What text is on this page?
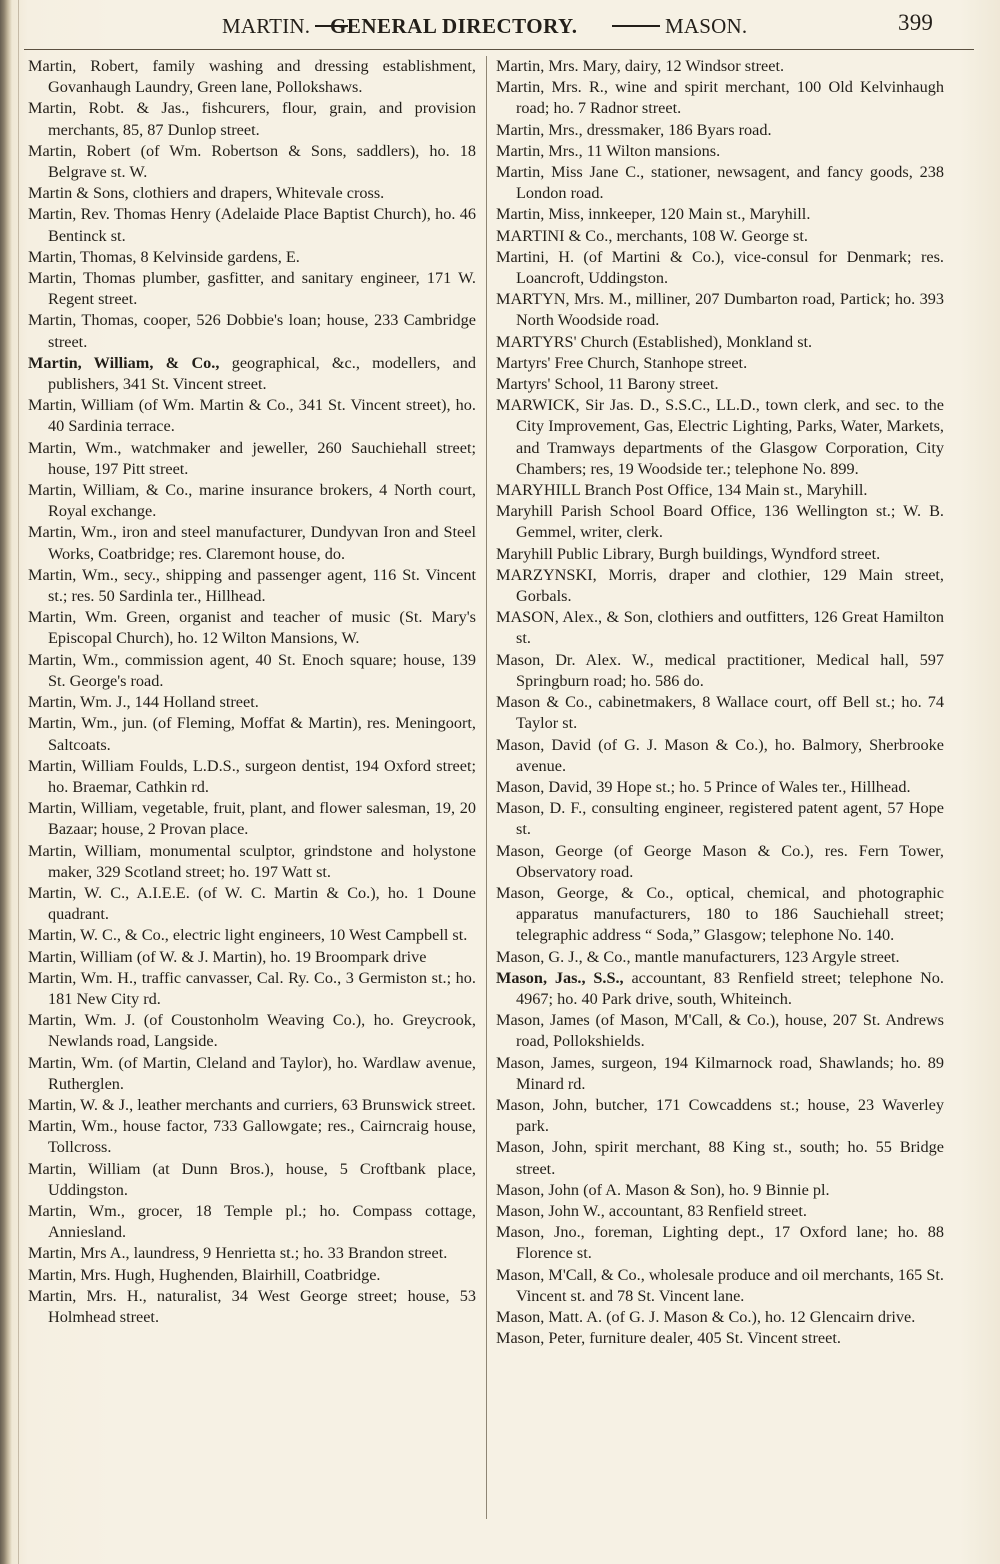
MARTIN. GENERAL DIRECTORY.	MASON.	399

Martin, Robert, family washing and dressing establishment, Govanhaugh Laundry, Green lane, Pollokshaws.

Martin, Robt. & Jas., fishcurers, flour, grain, and provision merchants, 85, 87 Dunlop street.

Martin, Robert (of Wm. Robertson & Sons, saddlers), ho. 18 Belgrave st. W.

Martin & Sons, clothiers and drapers, Whitevale cross.

Martin, Rev. Thomas Henry (Adelaide Place Baptist Church), ho. 46 Bentinck st.

Martin, Thomas, 8 Kelvinside gardens, E.

Martin, Thomas plumber, gasfitter, and sanitary engineer, 171 W. Regent street.

Martin, Thomas, cooper, 526 Dobbie's loan; house, 233 Cambridge street.

Martin, William, & Co., geographical, &c., modellers, and publishers, 341 St. Vincent street.

Martin, William (of Wm. Martin & Co., 341 St. Vincent street), ho. 40 Sardinia terrace.

Martin, Wm., watchmaker and jeweller, 260 Sauchiehall street; house, 197 Pitt street.

Martin, William, & Co., marine insurance brokers, 4 North court, Royal exchange.

Martin, Wm., iron and steel manufacturer, Dundyvan Iron and Steel Works, Coatbridge; res. Claremont house, do.

Martin, Wm., secy., shipping and passenger agent, 116 St. Vincent st.; res. 50 Sardinla ter., Hillhead.

Martin, Wm. Green, organist and teacher of music (St. Mary's Episcopal Church), ho. 12 Wilton Mansions, W.

Martin, Wm., commission agent, 40 St. Enoch square; house, 139 St. George's road.

Martin, Wm. J., 144 Holland street.

Martin, Wm., jun. (of Fleming, Moffat & Martin), res. Meningoort, Saltcoats.

Martin, William Foulds, L.D.S., surgeon dentist, 194 Oxford street; ho. Braemar, Cathkin rd.

Martin, William, vegetable, fruit, plant, and flower salesman, 19, 20 Bazaar; house, 2 Provan place.

Martin, William, monumental sculptor, grindstone and holystone maker, 329 Scotland street; ho. 197 Watt st.

Martin, W. C., A.I.E.E. (of W. C. Martin & Co.), ho. 1 Doune quadrant.

Martin, W. C., & Co., electric light engineers, 10 West Campbell st.

Martin, William (of W. & J. Martin), ho. 19 Broompark drive

Martin, Wm. H., traffic canvasser, Cal. Ry. Co., 3 Germiston st.; ho. 181 New City rd.

Martin, Wm. J. (of Coustonholm Weaving Co.), ho. Greycrook, Newlands road, Langside.

Martin, Wm. (of Martin, Cleland and Taylor), ho. Wardlaw avenue, Rutherglen.

Martin, W. & J., leather merchants and curriers, 63 Brunswick street.

Martin, Wm., house factor, 733 Gallowgate; res., Cairncraig house, Tollcross.

Martin, William (at Dunn Bros.), house, 5 Croftbank place, Uddingston.

Martin, Wm., grocer, 18 Temple pl.; ho. Compass cottage, Anniesland.

Martin, Mrs A., laundress, 9 Henrietta st.; ho. 33 Brandon street.

Martin, Mrs. Hugh, Hughenden, Blairhill, Coatbridge.

Martin, Mrs. H., naturalist, 34 West George street; house, 53 Holmhead street.

Martin, Mrs. Mary, dairy, 12 Windsor street.

Martin, Mrs. R., wine and spirit merchant, 100 Old Kelvinhaugh road; ho. 7 Radnor street.

Martin, Mrs., dressmaker, 186 Byars road.

Martin, Mrs., 11 Wilton mansions.

Martin, Miss Jane C., stationer, newsagent, and fancy goods, 238 London road.

Martin, Miss, innkeeper, 120 Main st., Maryhill.

MARTINI & Co., merchants, 108 W. George st.

Martini, H. (of Martini & Co.), vice-consul for Denmark; res. Loancroft, Uddingston.

MARTYN, Mrs. M., milliner, 207 Dumbarton road, Partick; ho. 393 North Woodside road.

MARTYRS' Church (Established), Monkland st.

Martyrs' Free Church, Stanhope street.

Martyrs' School, 11 Barony street.

MARWICK, Sir Jas. D., S.S.C., LL.D., town clerk, and sec. to the City Improvement, Gas, Electric Lighting, Parks, Water, Markets, and Tramways departments of the Glasgow Corporation, City Chambers; res, 19 Woodside ter.; telephone No. 899.

MARYHILL Branch Post Office, 134 Main st., Maryhill.

Maryhill Parish School Board Office, 136 Wellington st.; W. B. Gemmel, writer, clerk.

Maryhill Public Library, Burgh buildings, Wyndford street.

MARZYNSKI, Morris, draper and clothier, 129 Main street, Gorbals.

MASON, Alex., & Son, clothiers and outfitters, 126 Great Hamilton st.

Mason, Dr. Alex. W., medical practitioner, Medical hall, 597 Springburn road; ho. 586 do.

Mason & Co., cabinetmakers, 8 Wallace court, off Bell st.; ho. 74 Taylor st.

Mason, David (of G. J. Mason & Co.), ho. Balmory, Sherbrooke avenue.

Mason, David, 39 Hope st.; ho. 5 Prince of Wales ter., Hillhead.

Mason, D. F., consulting engineer, registered patent agent, 57 Hope st.

Mason, George (of George Mason & Co.), res. Fern Tower, Observatory road.

Mason, George, & Co., optical, chemical, and photographic apparatus manufacturers, 180 to 186 Sauchiehall street; telegraphic address “ Soda,” Glasgow; telephone No. 140.

Mason, G. J., & Co., mantle manufacturers, 123 Argyle street.

Mason, Jas., S.S., accountant, 83 Renfield street; telephone No. 4967; ho. 40 Park drive, south, Whiteinch.

Mason, James (of Mason, M'Call, & Co.), house, 207 St. Andrews road, Pollokshields.

Mason, James, surgeon, 194 Kilmarnock road, Shawlands; ho. 89 Minard rd.

Mason, John, butcher, 171 Cowcaddens st.; house, 23 Waverley park.

Mason, John, spirit merchant, 88 King st., south; ho. 55 Bridge street.

Mason, John (of A. Mason & Son), ho. 9 Binnie pl.

Mason, John W., accountant, 83 Renfield street.

Mason, Jno., foreman, Lighting dept., 17 Oxford lane; ho. 88 Florence st.

Mason, M'Call, & Co., wholesale produce and oil merchants, 165 St. Vincent st. and 78 St. Vincent lane.

Mason, Matt. A. (of G. J. Mason & Co.), ho. 12 Glencairn drive.

Mason, Peter, furniture dealer, 405 St. Vincent street.
